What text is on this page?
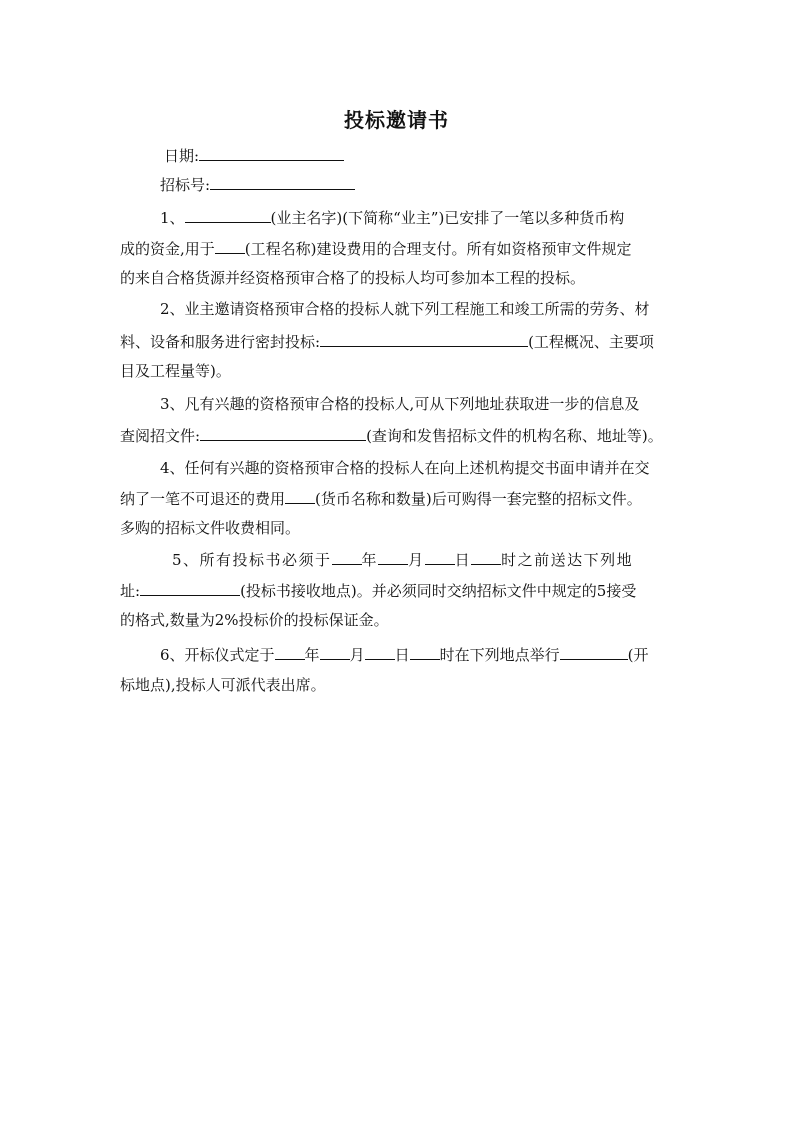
投标邀请书
日期:
招标号:
1、	(业主名字)(下简称“业主”)已安排了一笔以多种货币构
成的资金,用于 (工程名称)建设费用的合理支付。所有如资格预审文件规定
的来自合格货源并经资格预审合格了的投标人均可参加本工程的投标。
2、业主邀请资格预审合格的投标人就下列工程施工和竣工所需的劳务、材
料、设备和服务进行密封投标:	(工程概况、主要项
目及工程量等)。
3、凡有兴趣的资格预审合格的投标人,可从下列地址获取进一步的信息及
查阅招文件:	(查询和发售招标文件的机构名称、地址等)。
4、任何有兴趣的资格预审合格的投标人在向上述机构提交书面申请并在交
纳了一笔不可退还的费用 (货币名称和数量)后可购得一套完整的招标文件。
多购的招标文件收费相同。
5、所有投标书必须于 年 月 日 时之前送达下列地
址:	(投标书接收地点)。并必须同时交纳招标文件中规定的5接受
的格式,数量为2%投标价的投标保证金。
6、开标仪式定于 年 月 日 时在下列地点举行	(开
标地点),投标人可派代表出席。
